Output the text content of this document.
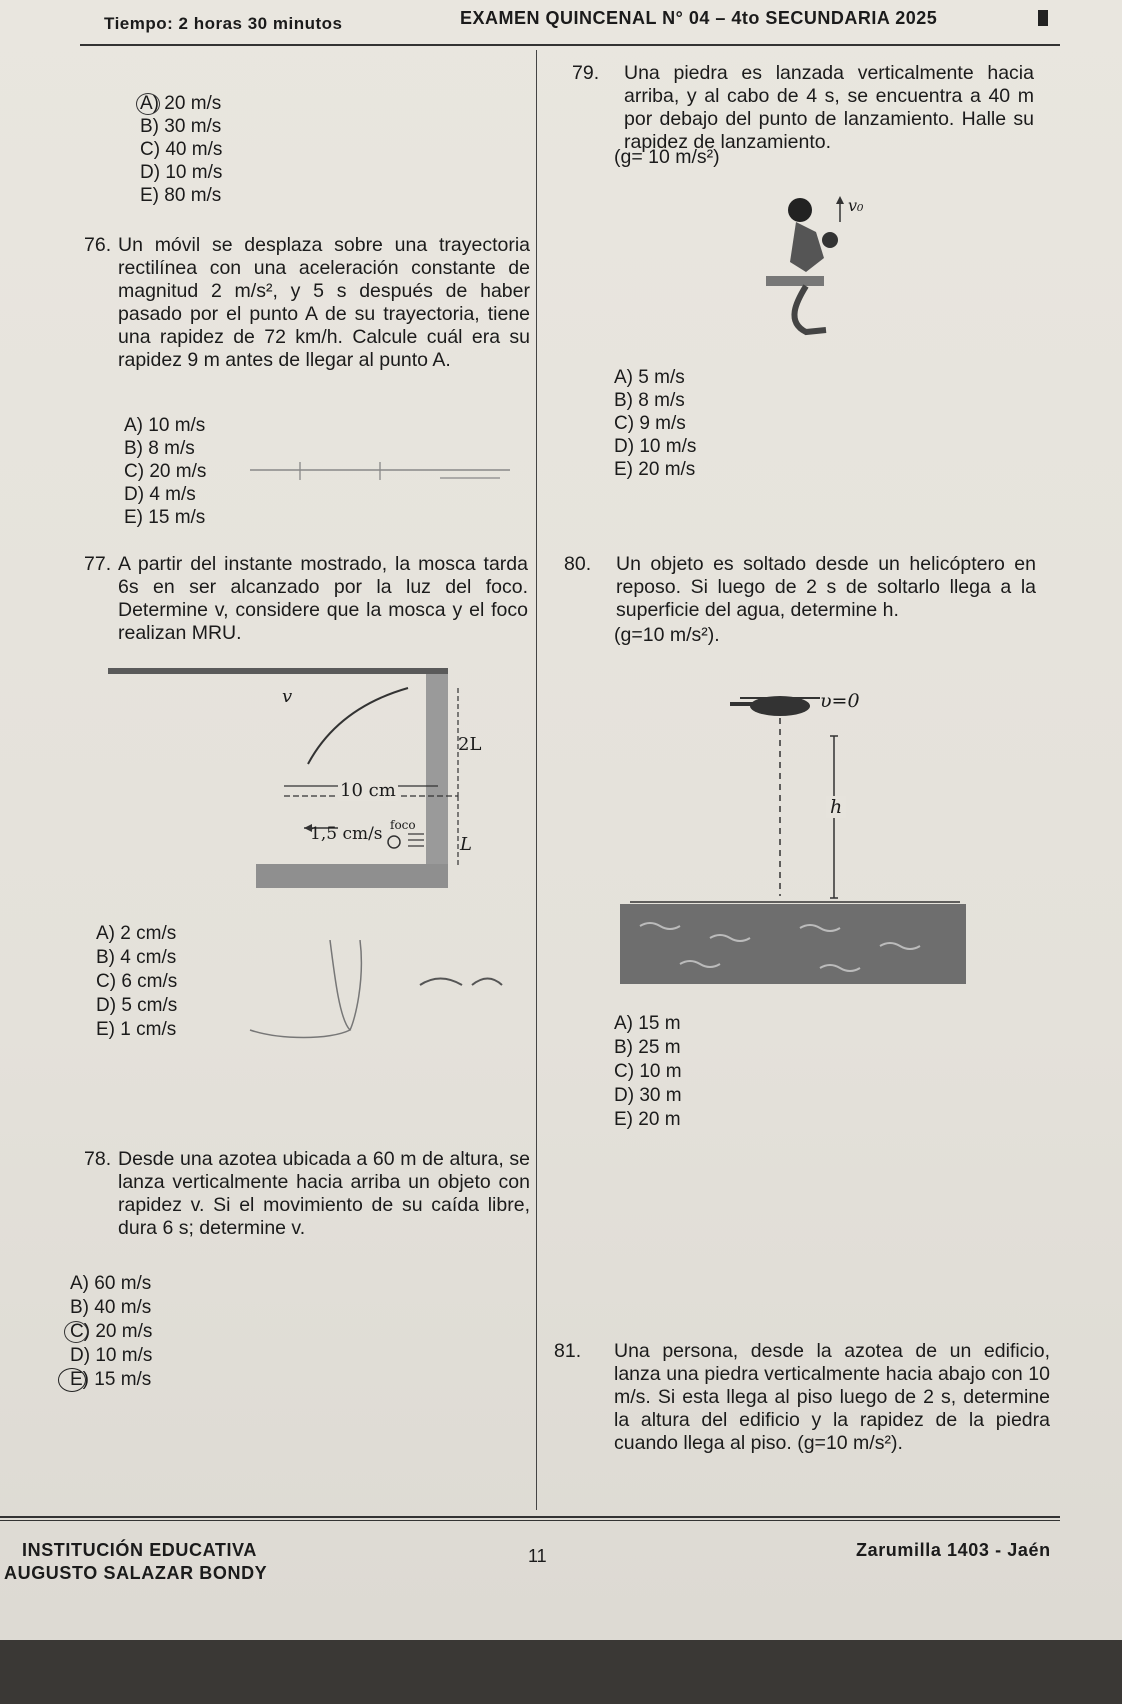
Tiempo: 2 horas 30 minutos	EXAMEN QUINCENAL N° 04 – 4to SECUNDARIA 2025
A) 20 m/s
B) 30 m/s
C) 40 m/s
D) 10 m/s
E) 80 m/s
76. Un móvil se desplaza sobre una trayectoria rectilínea con una aceleración constante de magnitud 2 m/s², y 5 s después de haber pasado por el punto A de su trayectoria, tiene una rapidez de 72 km/h. Calcule cuál era su rapidez 9 m antes de llegar al punto A.
A) 10 m/s
B) 8 m/s
C) 20 m/s
D) 4 m/s
E) 15 m/s
77. A partir del instante mostrado, la mosca tarda 6s en ser alcanzado por la luz del foco. Determine v, considere que la mosca y el foco realizan MRU.
v
2L
10 cm
1,5 cm/s foco
L
A) 2 cm/s
B) 4 cm/s
C) 6 cm/s
D) 5 cm/s
E) 1 cm/s
78. Desde una azotea ubicada a 60 m de altura, se lanza verticalmente hacia arriba un objeto con rapidez v. Si el movimiento de su caída libre, dura 6 s; determine v.
A) 60 m/s
B) 40 m/s
C) 20 m/s
D) 10 m/s
E) 15 m/s
79. Una piedra es lanzada verticalmente hacia arriba, y al cabo de 4 s, se encuentra a 40 m por debajo del punto de lanzamiento. Halle su rapidez de lanzamiento.
(g= 10 m/s²)
v₀
A) 5 m/s
B) 8 m/s
C) 9 m/s
D) 10 m/s
E) 20 m/s
80. Un objeto es soltado desde un helicóptero en reposo. Si luego de 2 s de soltarlo llega a la superficie del agua, determine h.
(g=10 m/s²).
υ=0
h
A) 15 m
B) 25 m
C) 10 m
D) 30 m
E) 20 m
81. Una persona, desde la azotea de un edificio, lanza una piedra verticalmente hacia abajo con 10 m/s. Si esta llega al piso luego de 2 s, determine la altura del edificio y la rapidez de la piedra cuando llega al piso. (g=10 m/s²).
INSTITUCIÓN EDUCATIVA
AUGUSTO SALAZAR BONDY
11	Zarumilla 1403 - Jaén
